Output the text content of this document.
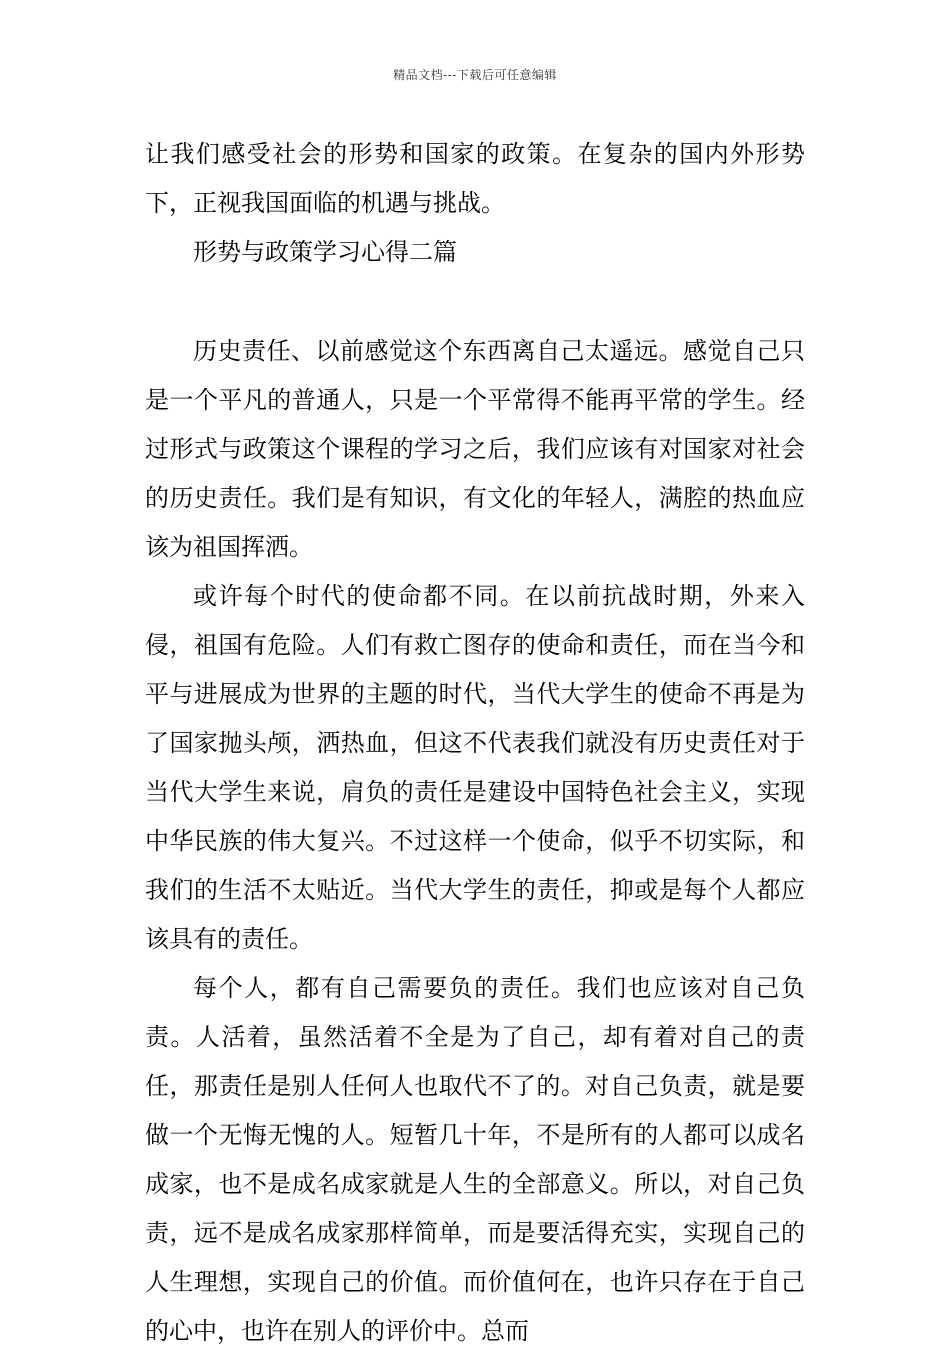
精品文档---下载后可任意编辑

让我们感受社会的形势和国家的政策。在复杂的国内外形势下，正视我国面临的机遇与挑战。

形势与政策学习心得二篇

历史责任、以前感觉这个东西离自己太遥远。感觉自己只是一个平凡的普通人，只是一个平常得不能再平常的学生。经过形式与政策这个课程的学习之后，我们应该有对国家对社会的历史责任。我们是有知识，有文化的年轻人，满腔的热血应该为祖国挥洒。

或许每个时代的使命都不同。在以前抗战时期，外来入侵，祖国有危险。人们有救亡图存的使命和责任，而在当今和平与进展成为世界的主题的时代，当代大学生的使命不再是为了国家抛头颅，洒热血，但这不代表我们就没有历史责任对于当代大学生来说，肩负的责任是建设中国特色社会主义，实现中华民族的伟大复兴。不过这样一个使命，似乎不切实际，和我们的生活不太贴近。当代大学生的责任，抑或是每个人都应该具有的责任。

每个人，都有自己需要负的责任。我们也应该对自己负责。人活着，虽然活着不全是为了自己，却有着对自己的责任，那责任是别人任何人也取代不了的。对自己负责，就是要做一个无悔无愧的人。短暂几十年，不是所有的人都可以成名成家，也不是成名成家就是人生的全部意义。所以，对自己负责，远不是成名成家那样简单，而是要活得充实，实现自己的人生理想，实现自己的价值。而价值何在，也许只存在于自己的心中，也许在别人的评价中。总而
